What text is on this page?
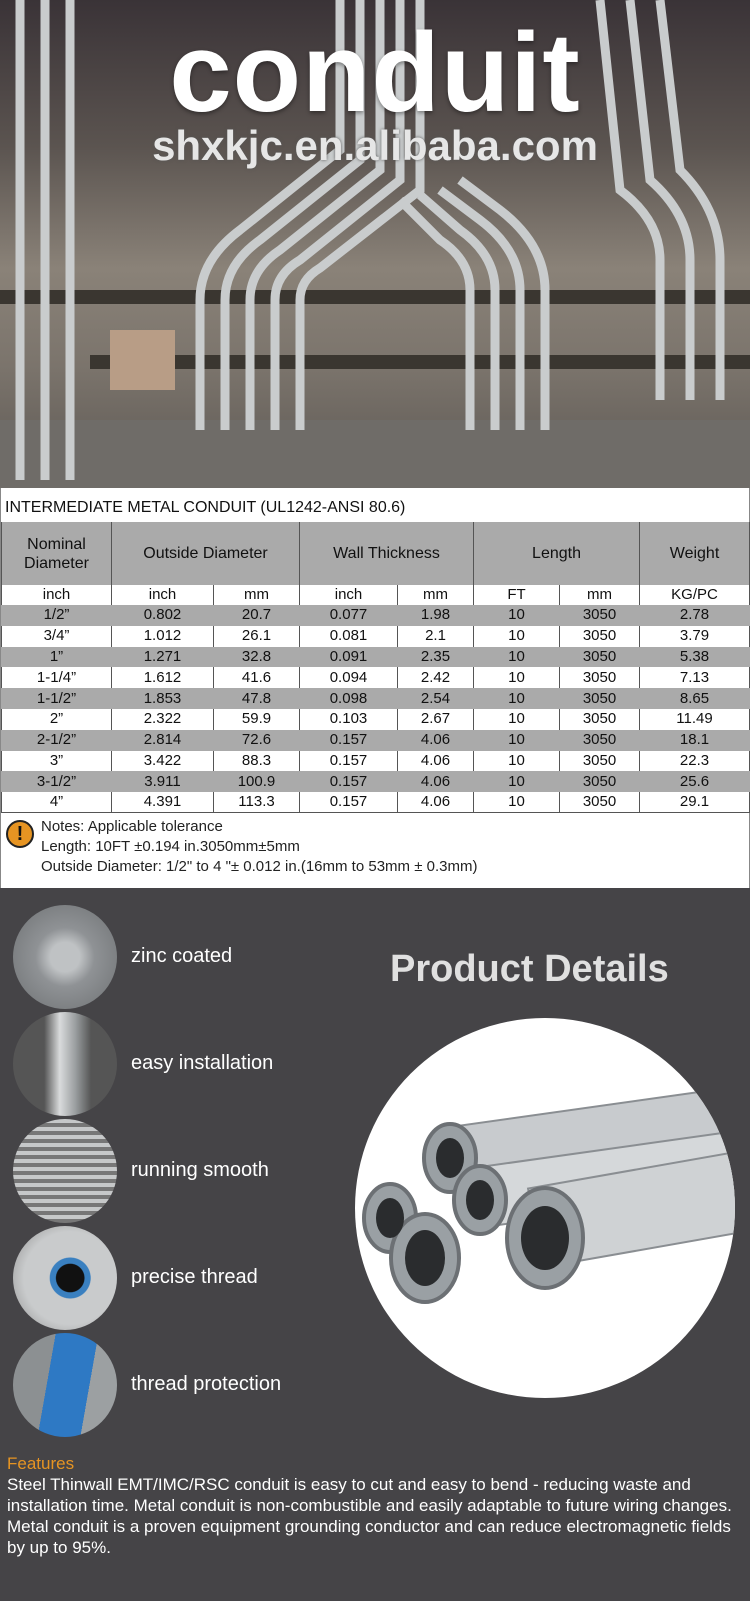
conduit
shxkjc.en.alibaba.com
INTERMEDIATE METAL CONDUIT (UL1242-ANSI 80.6)
Nominal Diameter	Outside Diameter		Wall Thickness		Length		Weight
inch	inch	mm	inch	mm	FT	mm	KG/PC
1/2”	0.802	20.7	0.077	1.98	10	3050	2.78
3/4”	1.012	26.1	0.081	2.1	10	3050	3.79
1”	1.271	32.8	0.091	2.35	10	3050	5.38
1-1/4”	1.612	41.6	0.094	2.42	10	3050	7.13
1-1/2”	1.853	47.8	0.098	2.54	10	3050	8.65
2”	2.322	59.9	0.103	2.67	10	3050	11.49
2-1/2”	2.814	72.6	0.157	4.06	10	3050	18.1
3”	3.422	88.3	0.157	4.06	10	3050	22.3
3-1/2”	3.911	100.9	0.157	4.06	10	3050	25.6
4”	4.391	113.3	0.157	4.06	10	3050	29.1
!	Notes: Applicable tolerance
Length: 10FT ±0.194 in.3050mm±5mm
Outside Diameter: 1/2" to 4 "± 0.012 in.(16mm to 53mm ± 0.3mm)
zinc coated
easy installation
running smooth
precise thread
thread protection
Product Details
Features
Steel Thinwall EMT/IMC/RSC conduit is easy to cut and easy to bend - reducing waste and installation time. Metal conduit is non-combustible and easily adaptable to future wiring changes. Metal conduit is a proven equipment grounding conductor and can reduce electromagnetic fields by up to 95%.
